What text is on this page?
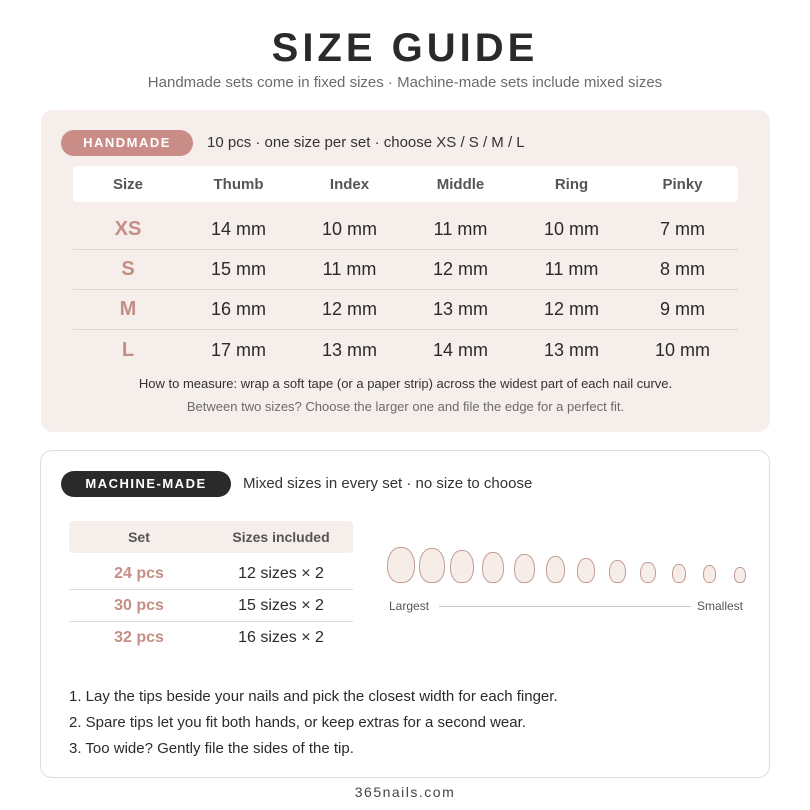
SIZE GUIDE
Handmade sets come in fixed sizes · Machine-made sets include mixed sizes
HANDMADE	10 pcs · one size per set · choose XS / S / M / L
Size	Thumb	Index	Middle	Ring	Pinky
XS	14 mm	10 mm	11 mm	10 mm	7 mm
S	15 mm	11 mm	12 mm	11 mm	8 mm
M	16 mm	12 mm	13 mm	12 mm	9 mm
L	17 mm	13 mm	14 mm	13 mm	10 mm
How to measure: wrap a soft tape (or a paper strip) across the widest part of each nail curve.
Between two sizes? Choose the larger one and file the edge for a perfect fit.
MACHINE-MADE	Mixed sizes in every set · no size to choose
Set	Sizes included
24 pcs	12 sizes × 2
30 pcs	15 sizes × 2
32 pcs	16 sizes × 2
Largest	Smallest
1. Lay the tips beside your nails and pick the closest width for each finger.
2. Spare tips let you fit both hands, or keep extras for a second wear.
3. Too wide? Gently file the sides of the tip.
365nails.com
